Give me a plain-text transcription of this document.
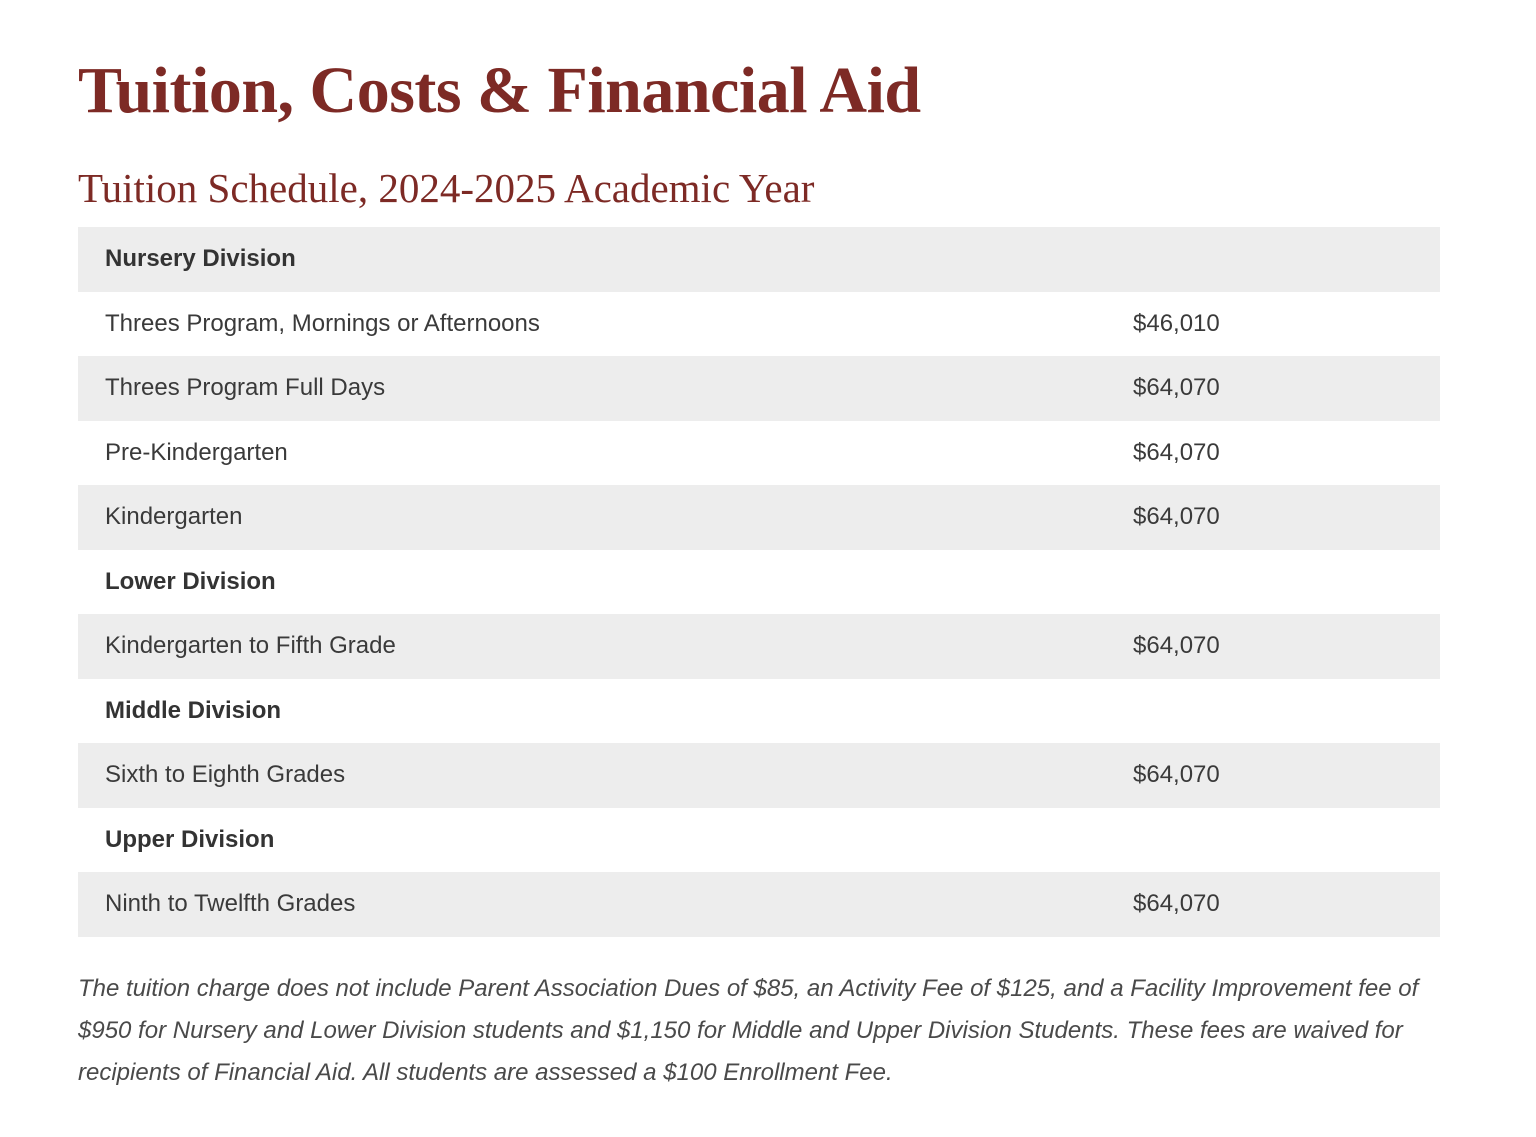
Tuition, Costs & Financial Aid
Tuition Schedule, 2024-2025 Academic Year
Nursery Division
Threes Program, Mornings or Afternoons	$46,010
Threes Program Full Days	$64,070
Pre-Kindergarten	$64,070
Kindergarten	$64,070
Lower Division
Kindergarten to Fifth Grade	$64,070
Middle Division
Sixth to Eighth Grades	$64,070
Upper Division
Ninth to Twelfth Grades	$64,070

The tuition charge does not include Parent Association Dues of $85, an Activity Fee of $125, and a Facility Improvement fee of $950 for Nursery and Lower Division students and $1,150 for Middle and Upper Division Students. These fees are waived for recipients of Financial Aid. All students are assessed a $100 Enrollment Fee.
